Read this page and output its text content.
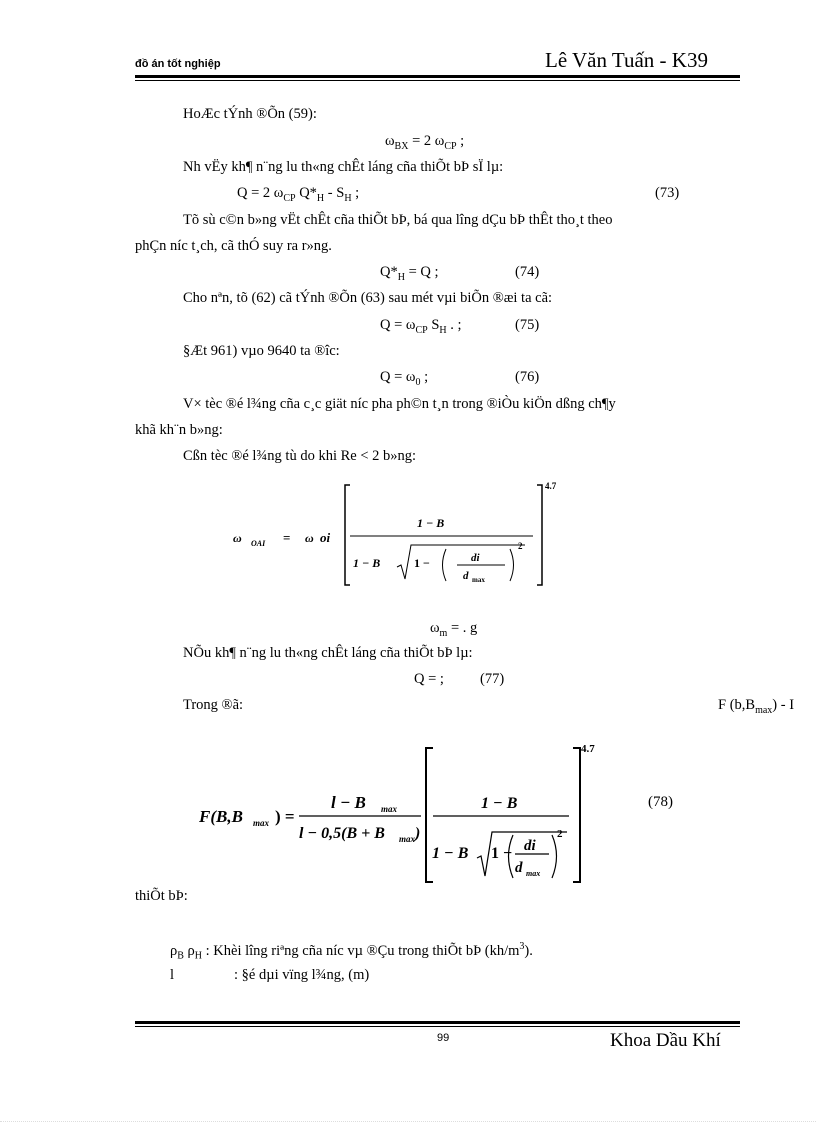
đồ án tốt nghiệp	Lê Văn Tuấn - K39
HoÆc tÝnh ®Õn (59):
$\omega_{BX} = 2$ $\omega_{CP}$ ;
Nh vËy kh¶ n¨ng lu th«ng chÊt láng cña thiÕt bÞ sÏ lµ:
Q = 2 $\omega_{CP}$ $Q*_H - S_H$ ;	(73)
Tõ sù c©n b»ng vËt chÊt cña thiÕt bÞ, bá qua lîng dÇu bÞ thÊt tho¸t theo
phÇn níc t¸ch, cã thÓ suy ra r»ng.
$Q*_H = Q$ ;	(74)
Cho nªn, tõ (62) cã tÝnh ®Õn (63) sau mét vµi biÕn ®æi ta cã:
$Q = \omega_{CP}$ $S_H$ . ;	(75)
§Æt 961) vµo 9640 ta ®îc:
$Q = \omega_0$ ;	(76)
V× tèc ®é l¾ng cña c¸c giät níc pha ph©n t¸n trong ®iÒu kiÖn dßng ch¶y
khã kh¨n b»ng:
Cßn tèc ®é l¾ng tù do khi Re < 2 b»ng:
ω OAI = ω oi
4.7
1 − B
1 − B	1 −	di
d max
2
$\omega_m$ = . g
NÕu kh¶ n¨ng lu th«ng chÊt láng cña thiÕt bÞ lµ:
Q = ; (77)
Trong ®ã:	F $(b,B_{max})$ - I
F(B,B max ) =
l − B max
l − 0,5(B + B max )
4.7
1 − B
1 − B 1 − di
d max
2
(78)
thiÕt bÞ:
$\rho_B$ $\rho_H$ : Khèi lîng riªng cña níc vµ ®Çu trong thiÕt bÞ $(kh/m^3)$.
l	: §é dµi vïng l¾ng, (m)
99	Khoa Dầu Khí
